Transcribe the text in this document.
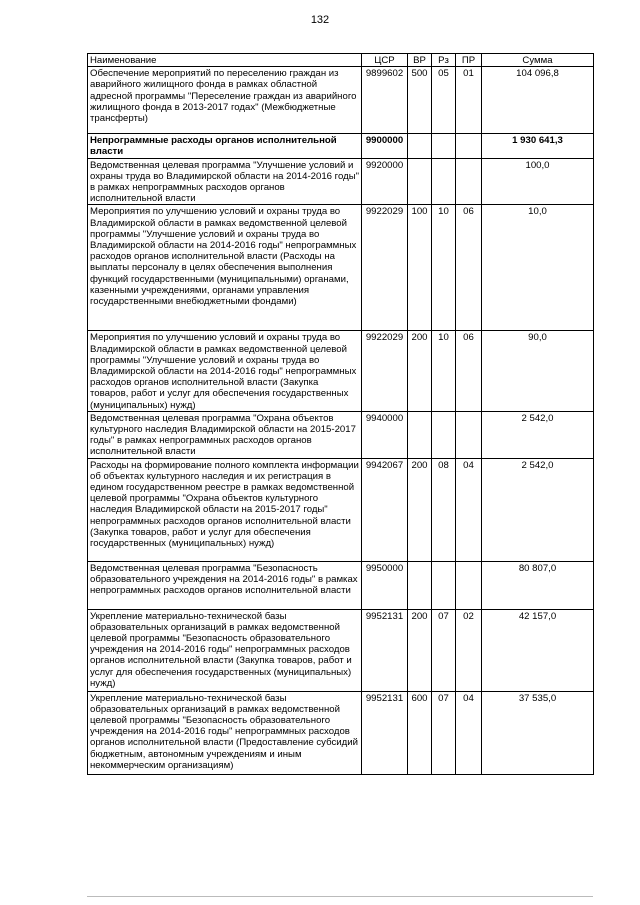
132
Наименование	ЦСР	ВР	Рз	ПР	Сумма
Обеспечение мероприятий по переселению граждан из аварийного жилищного фонда в рамках областной адресной программы "Переселение граждан из аварийного жилищного фонда в 2013-2017 годах" (Межбюджетные трансферты)	9899602	500	05	01	104 096,8
Непрограммные расходы органов исполнительной власти	9900000				1 930 641,3
Ведомственная целевая программа "Улучшение условий и охраны труда во Владимирской области на 2014-2016 годы" в рамках непрограммных расходов органов исполнительной власти	9920000				100,0
Мероприятия по улучшению условий и охраны труда во Владимирской области в рамках ведомственной целевой программы "Улучшение условий и охраны труда во Владимирской области на 2014-2016 годы" непрограммных расходов органов исполнительной власти (Расходы на выплаты персоналу в целях обеспечения выполнения функций государственными (муниципальными) органами, казенными учреждениями, органами управления государственными внебюджетными фондами)	9922029	100	10	06	10,0
Мероприятия по улучшению условий и охраны труда во Владимирской области в рамках ведомственной целевой программы "Улучшение условий и охраны труда во Владимирской области на 2014-2016 годы" непрограммных расходов органов исполнительной власти (Закупка товаров, работ и услуг для обеспечения государственных (муниципальных) нужд)	9922029	200	10	06	90,0
Ведомственная целевая программа "Охрана объектов культурного наследия Владимирской области на 2015-2017 годы" в рамках непрограммных расходов органов исполнительной власти	9940000				2 542,0
Расходы на формирование полного комплекта информации об объектах культурного наследия и их регистрация в едином государственном реестре в рамках ведомственной целевой программы "Охрана объектов культурного наследия Владимирской области на 2015-2017 годы" непрограммных расходов органов исполнительной власти (Закупка товаров, работ и услуг для обеспечения государственных (муниципальных) нужд)	9942067	200	08	04	2 542,0
Ведомственная целевая программа "Безопасность образовательного учреждения на 2014-2016 годы" в рамках непрограммных расходов органов исполнительной власти	9950000				80 807,0
Укрепление материально-технической базы образовательных организаций в рамках ведомственной целевой программы "Безопасность образовательного учреждения на 2014-2016 годы" непрограммных расходов органов исполнительной власти (Закупка товаров, работ и услуг для обеспечения государственных (муниципальных) нужд)	9952131	200	07	02	42 157,0
Укрепление материально-технической базы образовательных организаций в рамках ведомственной целевой программы "Безопасность образовательного учреждения на 2014-2016 годы" непрограммных расходов органов исполнительной власти (Предоставление субсидий бюджетным, автономным учреждениям и иным некоммерческим организациям)	9952131	600	07	04	37 535,0
